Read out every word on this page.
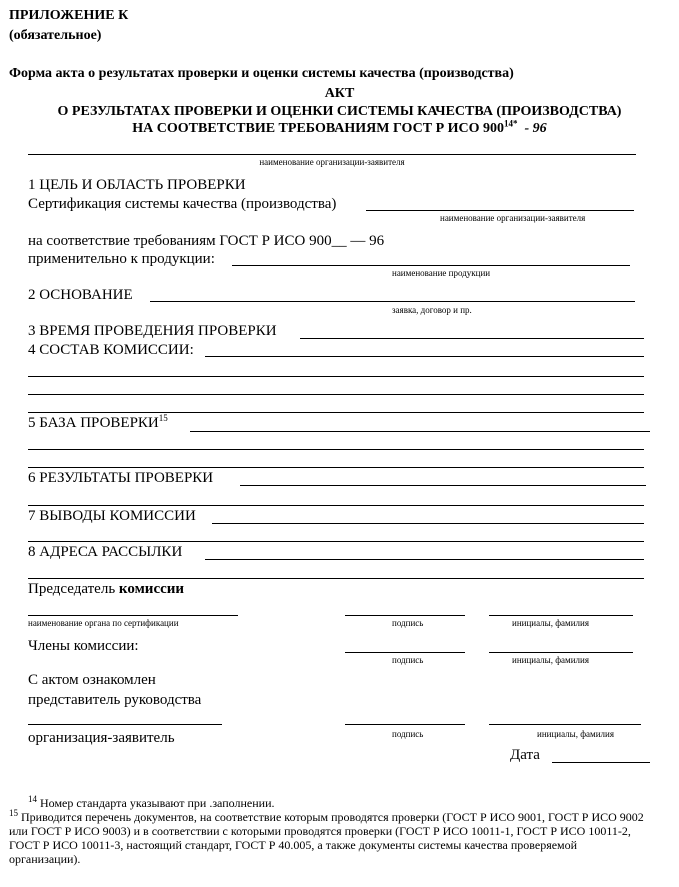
ПРИЛОЖЕНИЕ К
(обязательное)
Форма акта о результатах проверки и оценки системы качества (производства)
АКТ
О РЕЗУЛЬТАТАХ ПРОВЕРКИ И ОЦЕНКИ СИСТЕМЫ КАЧЕСТВА (ПРОИЗВОДСТВА)
НА СООТВЕТСТВИЕ ТРЕБОВАНИЯМ ГОСТ Р ИСО $900^{14*} - 96$
наименование организации-заявителя
1 ЦЕЛЬ И ОБЛАСТЬ ПРОВЕРКИ
Сертификация системы качества (производства)
наименование организации-заявителя
на соответствие требованиям ГОСТ Р ИСО 900__ — 96
применительно к продукции:
наименование продукции
2 ОСНОВАНИЕ
заявка, договор и пр.
3 ВРЕМЯ ПРОВЕДЕНИЯ ПРОВЕРКИ
4 СОСТАВ КОМИССИИ:
5 БАЗА ПРОВЕРКИ$^{15}$
6 РЕЗУЛЬТАТЫ ПРОВЕРКИ
7 ВЫВОДЫ КОМИССИИ
8 АДРЕСА РАССЫЛКИ
Председатель комиссии
наименование органа по сертификации	подпись	инициалы, фамилия
Члены комиссии:
подпись	инициалы, фамилия
С актом ознакомлен
представитель руководства
организация-заявитель	подпись	инициалы, фамилия
Дата
$^{14}$ Номер стандарта указывают при .заполнении.
$^{15}$ Приводится перечень документов, на соответствие которым проводятся проверки (ГОСТ Р ИСО 9001, ГОСТ Р ИСО 9002 или ГОСТ Р ИСО 9003) и в соответствии с которыми проводятся проверки (ГОСТ Р ИСО 10011-1, ГОСТ Р ИСО 10011-2, ГОСТ Р ИСО 10011-3, настоящий стандарт, ГОСТ Р 40.005, а также документы системы качества проверяемой организации).
